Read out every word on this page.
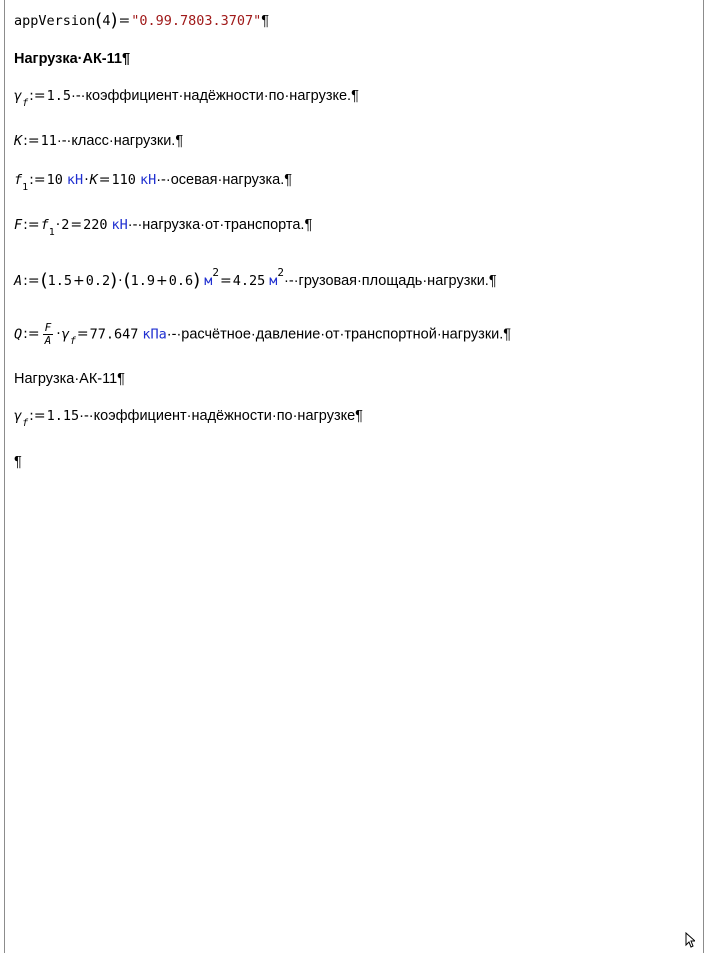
appVersion(4)="0.99.7803.3707"¶
Нагрузка·АК-11¶
$\gamma_f:=1.5\cdot-\cdot коэффициент\cdot надёжности\cdot по\cdot нагрузке.\P$
K:=11·-·класс·нагрузки.¶
$f_1:=10$ кН·K=110 кН·-·осевая·нагрузка.¶
$F:=f_1\cdot 2=220$ кН·-·нагрузка·от·транспорта.¶
A:=(1.5+0.2)·(1.9+0.6) $м^2=4.25$ $м^2\cdot-\cdot грузовая\cdot площадь\cdot нагрузки.\P$
Q:= $\frac{F}{A} \cdot\gamma_f=77.647$ кПа·-·расчётное·давление·от·транспортной·нагрузки.¶
Нагрузка·АК-11¶
$\gamma_f:=1.15\cdot-\cdot коэффициент\cdot надёжности\cdot по\cdot нагрузке\P$
¶
